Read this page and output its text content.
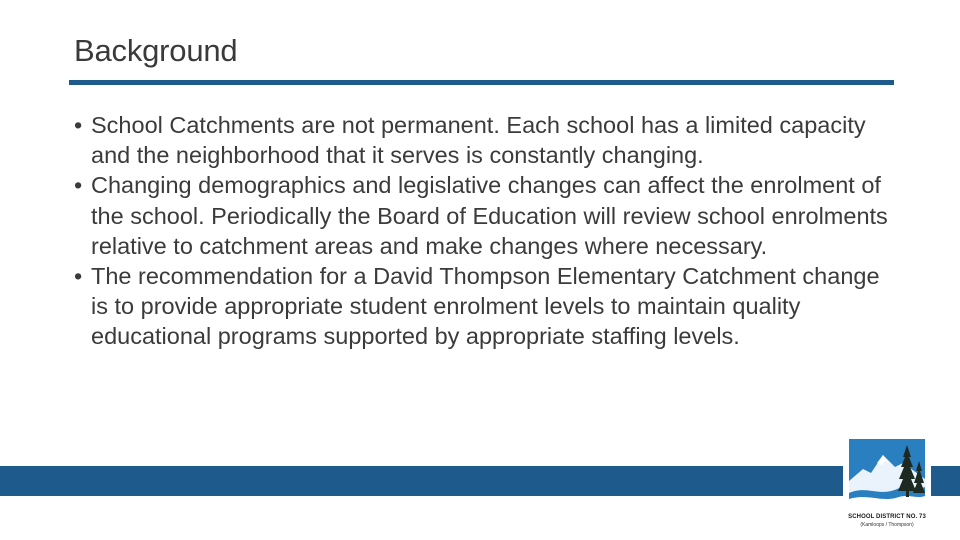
Background
• School Catchments are not permanent. Each school has a limited capacity and the neighborhood that it serves is constantly changing.
• Changing demographics and legislative changes can affect the enrolment of the school. Periodically the Board of Education will review school enrolments relative to catchment areas and make changes where necessary.
• The recommendation for a David Thompson Elementary Catchment change is to provide appropriate student enrolment levels to maintain quality educational programs supported by appropriate staffing levels.
SCHOOL DISTRICT NO. 73
(Kamloops / Thompson)
